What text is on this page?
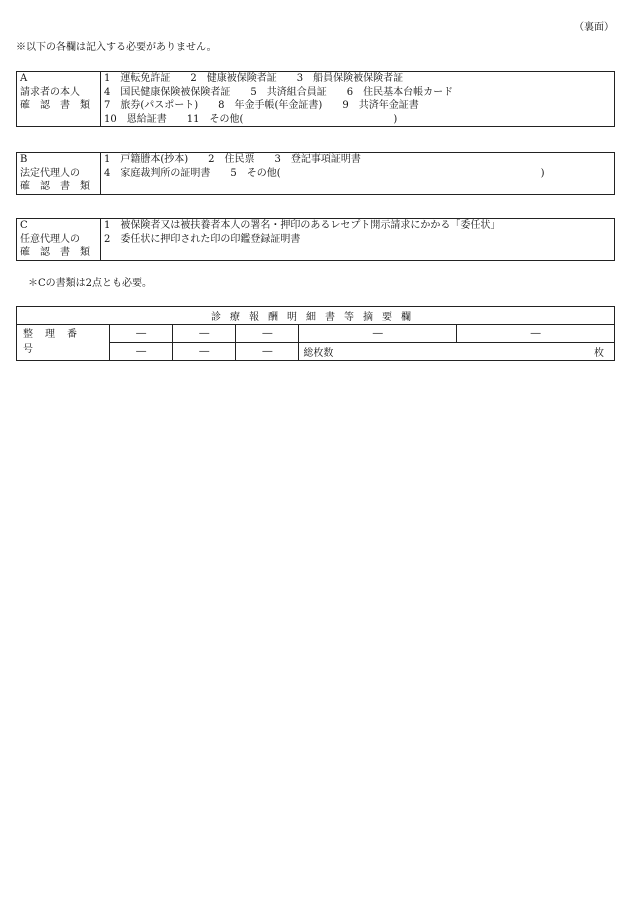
（裏面）
※以下の各欄は記入する必要がありません。
A
請求者の本人
確　認　書　類

1　運転免許証　　2　健康被保険者証　　3　船員保険被保険者証
4　国民健康保険被保険者証　　5　共済組合員証　　6　住民基本台帳カード
7　旅券(パスポート)　　8　年金手帳(年金証書)　　9　共済年金証書
10　恩給証書　　11　その他(　　　　　　　　　　　　　　　)
B
法定代理人の
確　認　書　類

1　戸籍謄本(抄本)　　2　住民票　　3　登記事項証明書
4　家庭裁判所の証明書　　5　その他(　　　　　　　　　　　　　　　　　　　　　　　　　　)
C
任意代理人の
確　認　書　類

1　被保険者又は被扶養者本人の署名・押印のあるレセプト開示請求にかかる「委任状」
2　委任状に押印された印の印鑑登録証明書
＊Cの書類は2点とも必要。
診療報酬明細書等摘要欄					
整理番号	―	―	―	―	―
	―	―	―	総枚数 枚	
